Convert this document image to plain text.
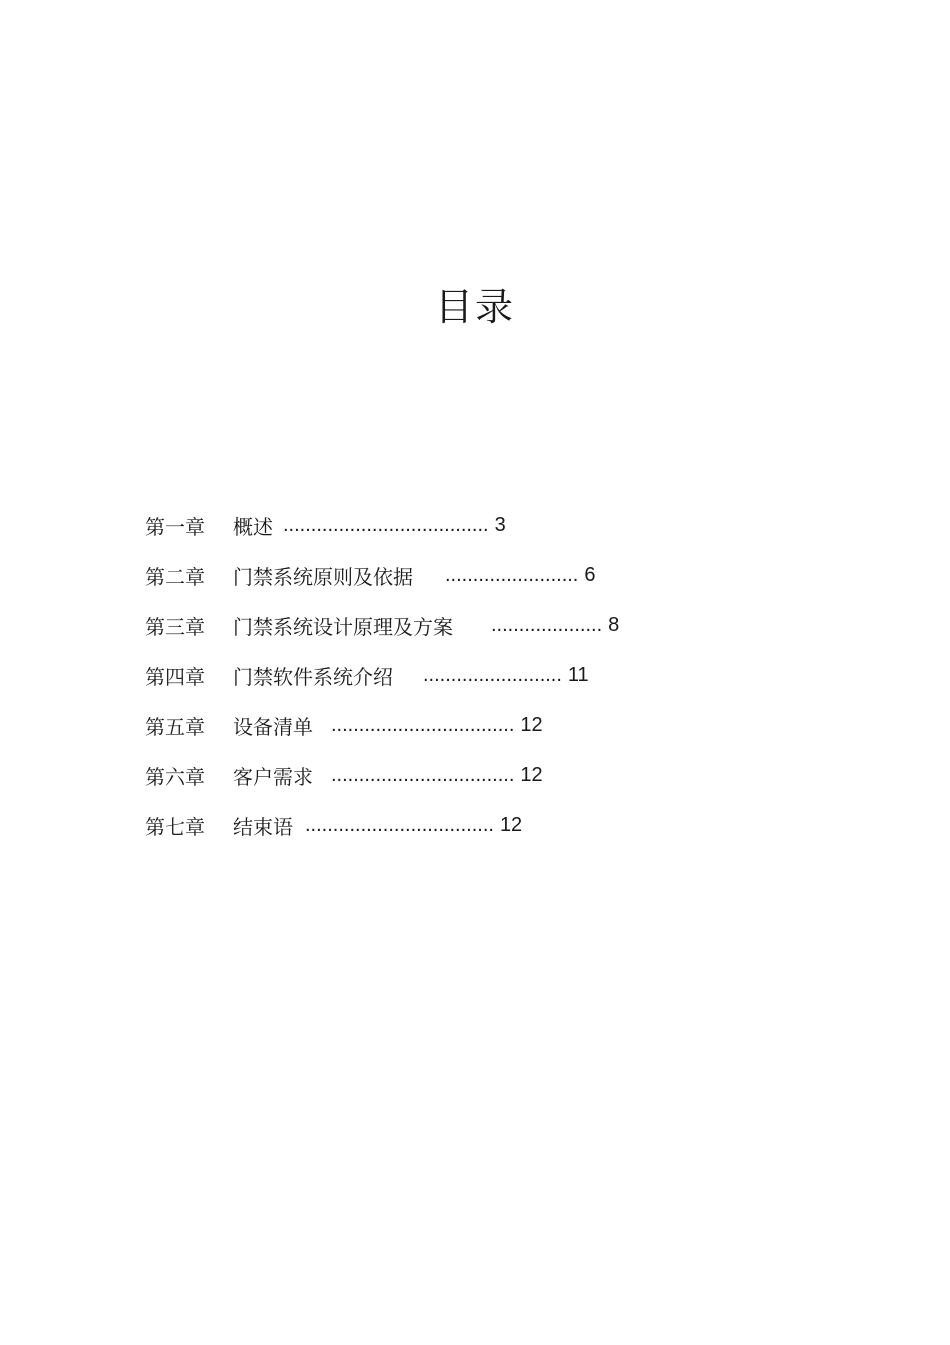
目录
第一章	概述 ..................................... 3
第二章	门禁系统原则及依据 ........................ 6
第三章	门禁系统设计原理及方案 .................... 8
第四章	门禁软件系统介绍 ......................... 11
第五章	设备清单 ................................. 12
第六章	客户需求 ................................. 12
第七章	结束语 .................................. 12
